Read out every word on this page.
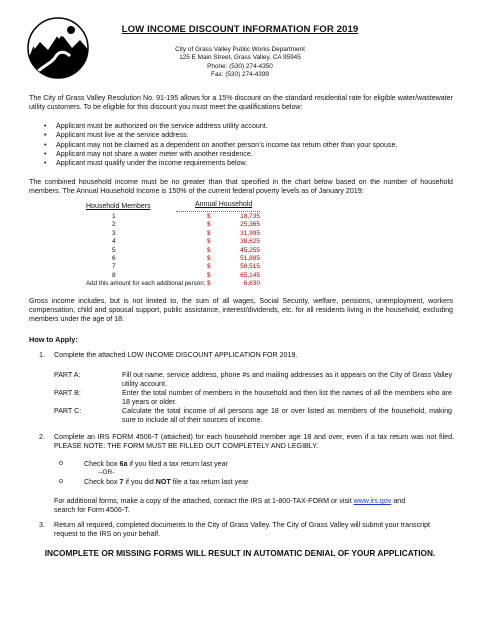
LOW INCOME DISCOUNT INFORMATION FOR 2019
City of Grass Valley Public Works Department
125 E Main Street, Grass Valley, CA 95945
Phone: (530) 274-4350
Fax: (530) 274-4399
The City of Grass Valley Resolution No. 91-195 allows for a 15% discount on the standard residential rate for eligible water/wastewater utility customers. To be eligible for this discount you must meet the qualifications below:
• Applicant must be authorized on the service address utility account.
• Applicant must live at the service address.
• Applicant may not be claimed as a dependent on another person’s income tax return other than your spouse.
• Applicant may not share a water meter with another residence.
• Applicant must qualify under the income requirements below.
The combined household income must be no greater than that specified in the chart below based on the number of household members. The Annual Household Income is 150% of the current federal poverty levels as of January 2019:
Household Members	Annual Household
1	$	18,735
2	$	25,365
3	$	31,995
4	$	38,625
5	$	45,255
6	$	51,885
7	$	58,515
8	$	65,145
Add this amount for each additional person: $	6,630
Gross income includes, but is not limited to, the sum of all wages, Social Security, welfare, pensions, unemployment, workers compensation, child and spousal support, public assistance, interest/dividends, etc. for all residents living in the household, excluding members under the age of 18.
How to Apply:
1. Complete the attached LOW INCOME DISCOUNT APPLICATION FOR 2019.
PART A:	Fill out name, service address, phone #s and mailing addresses as it appears on the City of Grass Valley utility account.
PART B:	Enter the total number of members in the household and then list the names of all the members who are 18 years or older.
PART C:	Calculate the total income of all persons age 18 or over listed as members of the household, making sure to include all of their sources of income.
2. Complete an IRS FORM 4506-T (attached) for each household member age 18 and over, even if a tax return was not filed. PLEASE NOTE: THE FORM MUST BE FILLED OUT COMPLETELY AND LEGIBLY.
o	Check box 6a if you filed a tax return last year
--OR-
o	Check box 7 if you did NOT file a tax return last year
For additional forms, make a copy of the attached, contact the IRS at 1-800-TAX-FORM or visit www.irs.gov and
search for Form 4506-T.
3. Return all required, completed documents to the City of Grass Valley. The City of Grass Valley will submit your transcript request to the IRS on your behalf.
INCOMPLETE OR MISSING FORMS WILL RESULT IN AUTOMATIC DENIAL OF YOUR APPLICATION.
